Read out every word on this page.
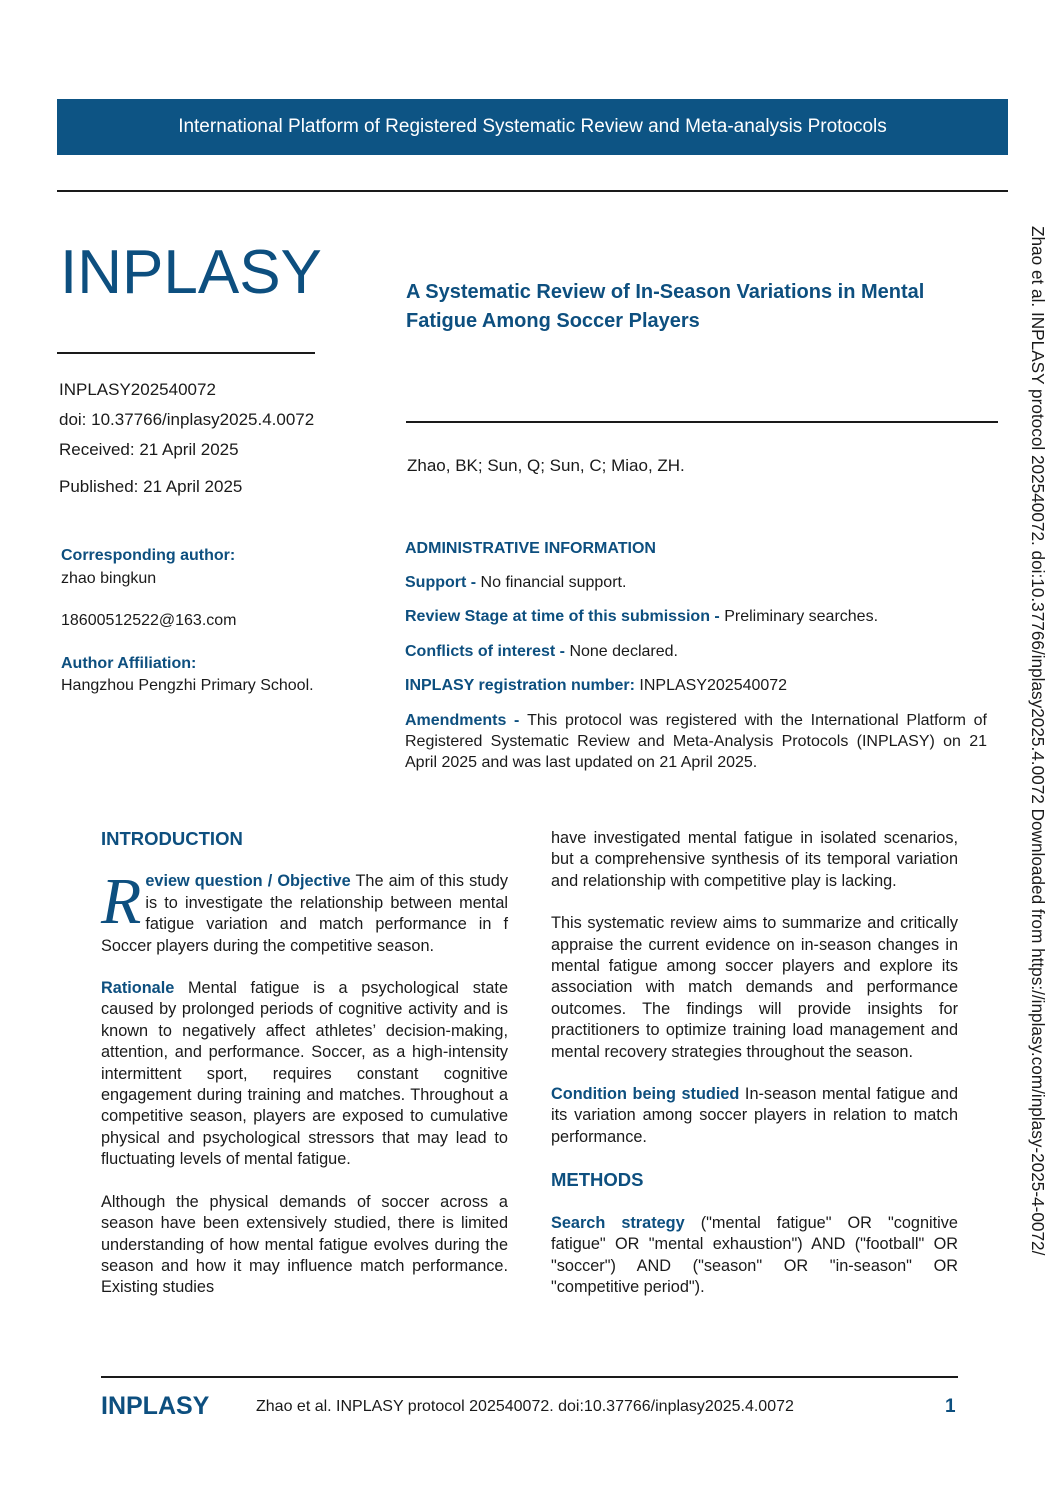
International Platform of Registered Systematic Review and Meta-analysis Protocols
INPLASY	A Systematic Review of In-Season Variations in Mental Fatigue Among Soccer Players
INPLASY202540072
doi: 10.37766/inplasy2025.4.0072
Received: 21 April 2025
Published: 21 April 2025
Zhao, BK; Sun, Q; Sun, C; Miao, ZH.
Corresponding author:
zhao bingkun
18600512522@163.com
Author Affiliation:
Hangzhou Pengzhi Primary School.
ADMINISTRATIVE INFORMATION
Support - No financial support.
Review Stage at time of this submission - Preliminary searches.
Conflicts of interest - None declared.
INPLASY registration number: INPLASY202540072
Amendments - This protocol was registered with the International Platform of Registered Systematic Review and Meta-Analysis Protocols (INPLASY) on 21 April 2025 and was last updated on 21 April 2025.
INTRODUCTION

Review question / Objective The aim of this study is to investigate the relationship between mental fatigue variation and match performance in f Soccer players during the competitive season.

Rationale Mental fatigue is a psychological state caused by prolonged periods of cognitive activity and is known to negatively affect athletes’ decision-making, attention, and performance. Soccer, as a high-intensity intermittent sport, requires constant cognitive engagement during training and matches. Throughout a competitive season, players are exposed to cumulative physical and psychological stressors that may lead to fluctuating levels of mental fatigue.

Although the physical demands of soccer across a season have been extensively studied, there is limited understanding of how mental fatigue evolves during the season and how it may influence match performance. Existing studies

have investigated mental fatigue in isolated scenarios, but a comprehensive synthesis of its temporal variation and relationship with competitive play is lacking.

This systematic review aims to summarize and critically appraise the current evidence on in-season changes in mental fatigue among soccer players and explore its association with match demands and performance outcomes. The findings will provide insights for practitioners to optimize training load management and mental recovery strategies throughout the season.

Condition being studied In-season mental fatigue and its variation among soccer players in relation to match performance.

METHODS

Search strategy ("mental fatigue" OR "cognitive fatigue" OR "mental exhaustion") AND ("football" OR "soccer") AND ("season" OR "in-season" OR "competitive period").

Zhao et al. INPLASY protocol 202540072. doi:10.37766/inplasy2025.4.0072 Downloaded from https://inplasy.com/inplasy-2025-4-0072/
INPLASY	Zhao et al. INPLASY protocol 202540072. doi:10.37766/inplasy2025.4.0072	1
